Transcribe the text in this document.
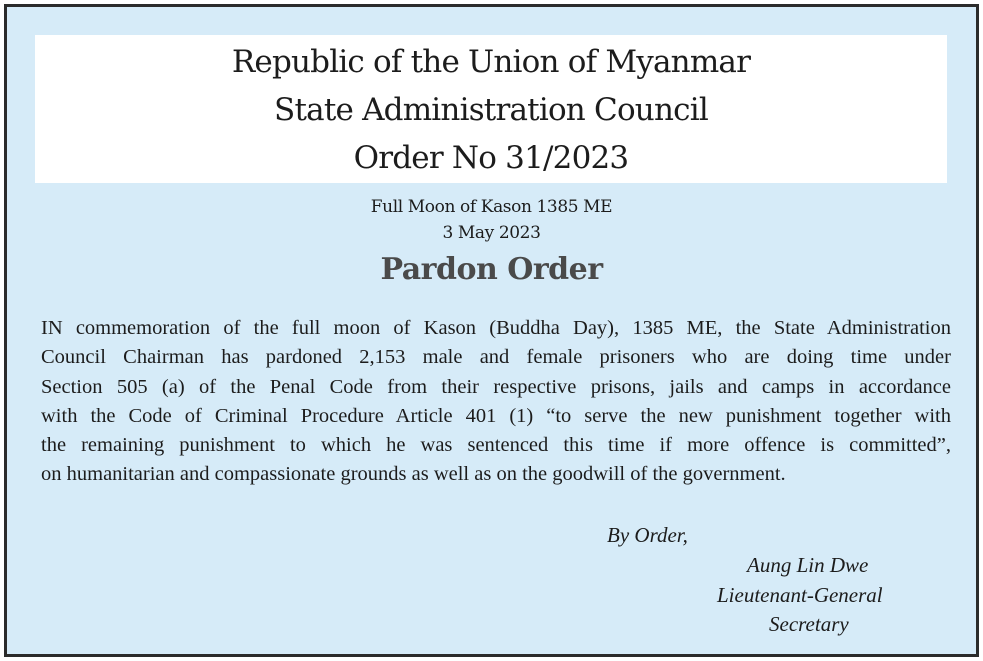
Republic of the Union of Myanmar
State Administration Council
Order No 31/2023
Full Moon of Kason 1385 ME
3 May 2023
Pardon Order
IN commemoration of the full moon of Kason (Buddha Day), 1385 ME, the State Administration
Council Chairman has pardoned 2,153 male and female prisoners who are doing time under
Section 505 (a) of the Penal Code from their respective prisons, jails and camps in accordance
with the Code of Criminal Procedure Article 401 (1) “to serve the new punishment together with
the remaining punishment to which he was sentenced this time if more offence is committed”,
on humanitarian and compassionate grounds as well as on the goodwill of the government.
By Order,
Aung Lin Dwe
Lieutenant-General
Secretary
